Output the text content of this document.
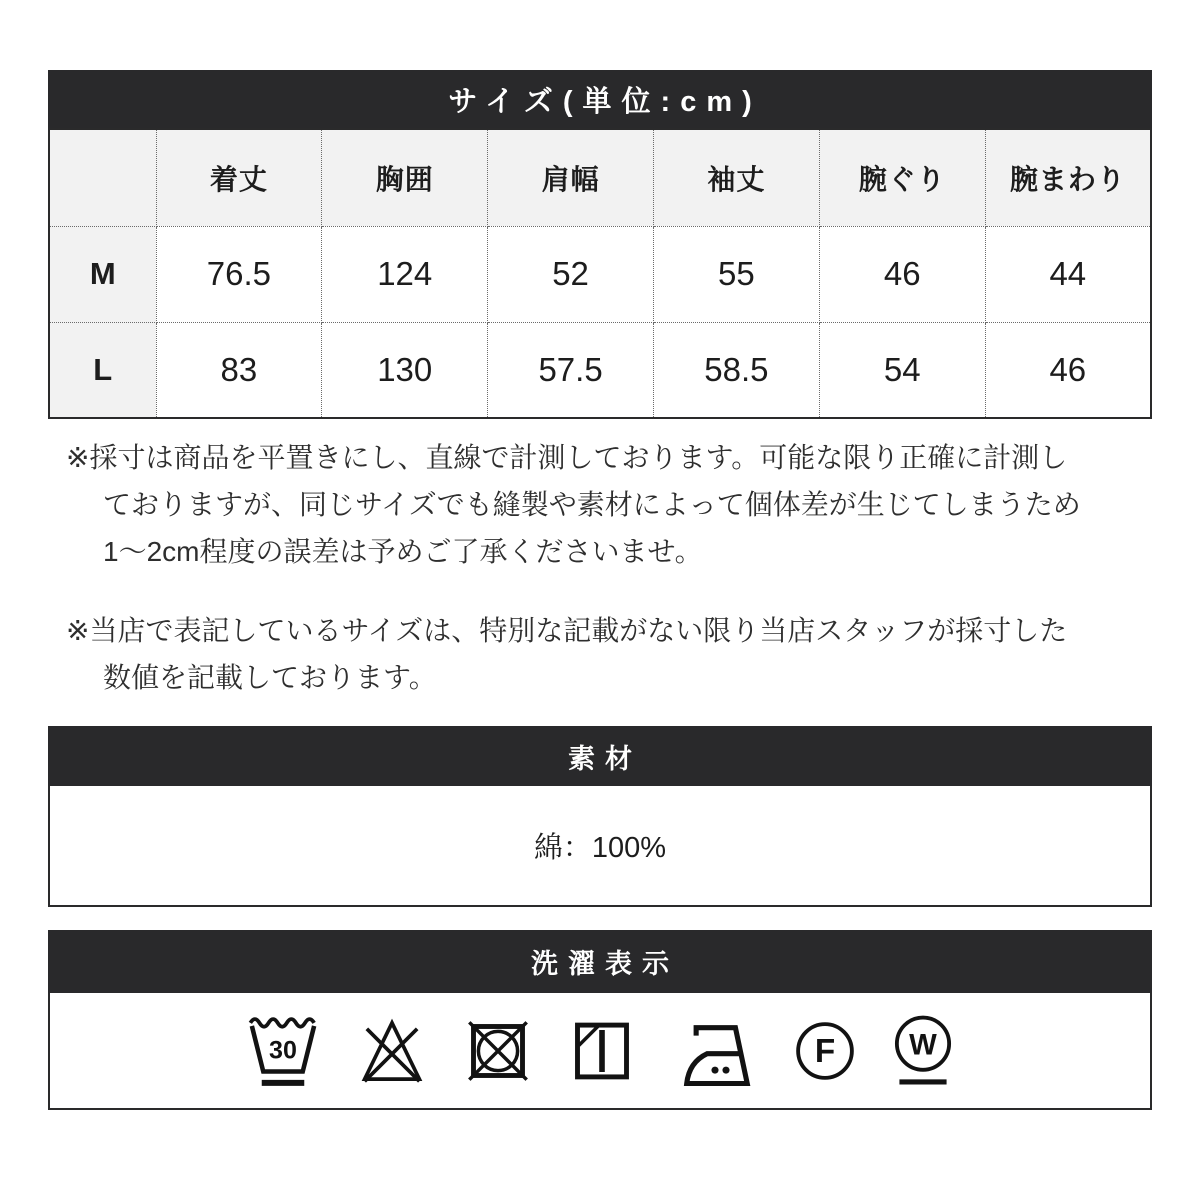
サイズ(単位:cm)
	着丈	胸囲	肩幅	袖丈	腕ぐり	腕まわり
M	76.5	124	52	55	46	44
L	83	130	57.5	58.5	54	46
※採寸は商品を平置きにし、直線で計測しております。可能な限り正確に計測し
ておりますが、同じサイズでも縫製や素材によって個体差が生じてしまうため
1〜2cm程度の誤差は予めご了承くださいませ。
※当店で表記しているサイズは、特別な記載がない限り当店スタッフが採寸した
数値を記載しております。
素材
綿：100%
洗濯表示
30	F W
